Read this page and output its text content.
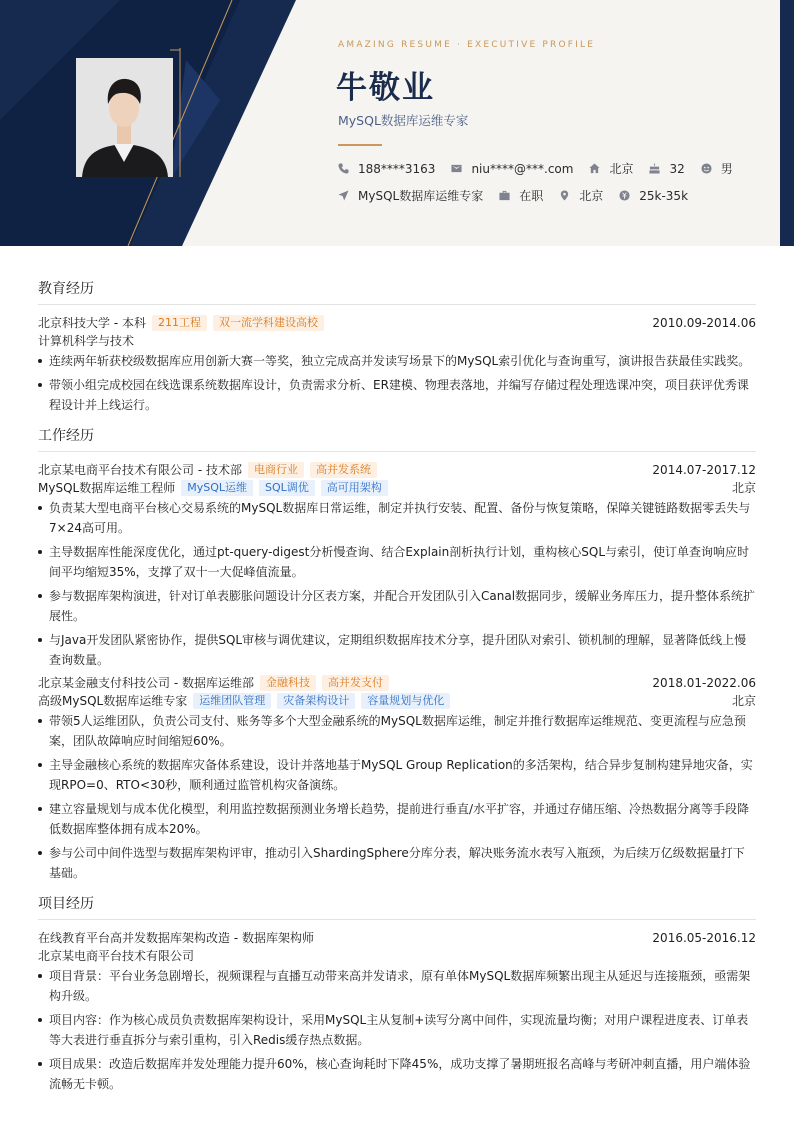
AMAZING RESUME · EXECUTIVE PROFILE
牛敬业
MySQL数据库运维专家
188****3163	niu****@***.com	北京	32	男
MySQL数据库运维专家	在职	北京	25k-35k
教育经历
北京科技大学 - 本科	211工程	双一流学科建设高校	2010.09-2014.06
计算机科学与技术
连续两年斩获校级数据库应用创新大赛一等奖，独立完成高并发读写场景下的MySQL索引优化与查询重写，演讲报告获最佳实践奖。
带领小组完成校园在线选课系统数据库设计，负责需求分析、ER建模、物理表落地，并编写存储过程处理选课冲突，项目获评优秀课程设计并上线运行。
工作经历
北京某电商平台技术有限公司 - 技术部	电商行业	高并发系统	2014.07-2017.12
MySQL数据库运维工程师	MySQL运维	SQL调优	高可用架构	北京
负责某大型电商平台核心交易系统的MySQL数据库日常运维，制定并执行安装、配置、备份与恢复策略，保障关键链路数据零丢失与7×24高可用。
主导数据库性能深度优化，通过pt-query-digest分析慢查询、结合Explain剖析执行计划，重构核心SQL与索引，使订单查询响应时间平均缩短35%，支撑了双十一大促峰值流量。
参与数据库架构演进，针对订单表膨胀问题设计分区表方案，并配合开发团队引入Canal数据同步，缓解业务库压力，提升整体系统扩展性。
与Java开发团队紧密协作，提供SQL审核与调优建议，定期组织数据库技术分享，提升团队对索引、锁机制的理解，显著降低线上慢查询数量。
北京某金融支付科技公司 - 数据库运维部	金融科技	高并发支付	2018.01-2022.06
高级MySQL数据库运维专家	运维团队管理	灾备架构设计	容量规划与优化	北京
带领5人运维团队，负责公司支付、账务等多个大型金融系统的MySQL数据库运维，制定并推行数据库运维规范、变更流程与应急预案，团队故障响应时间缩短60%。
主导金融核心系统的数据库灾备体系建设，设计并落地基于MySQL Group Replication的多活架构，结合异步复制构建异地灾备，实现RPO=0、RTO<30秒，顺利通过监管机构灾备演练。
建立容量规划与成本优化模型，利用监控数据预测业务增长趋势，提前进行垂直/水平扩容，并通过存储压缩、冷热数据分离等手段降低数据库整体拥有成本20%。
参与公司中间件选型与数据库架构评审，推动引入ShardingSphere分库分表，解决账务流水表写入瓶颈，为后续万亿级数据量打下基础。
项目经历
在线教育平台高并发数据库架构改造 - 数据库架构师	2016.05-2016.12
北京某电商平台技术有限公司
项目背景：平台业务急剧增长，视频课程与直播互动带来高并发请求，原有单体MySQL数据库频繁出现主从延迟与连接瓶颈，亟需架构升级。
项目内容：作为核心成员负责数据库架构设计，采用MySQL主从复制+读写分离中间件，实现流量均衡；对用户课程进度表、订单表等大表进行垂直拆分与索引重构，引入Redis缓存热点数据。
项目成果：改造后数据库并发处理能力提升60%，核心查询耗时下降45%，成功支撑了暑期班报名高峰与考研冲刺直播，用户端体验流畅无卡顿。
